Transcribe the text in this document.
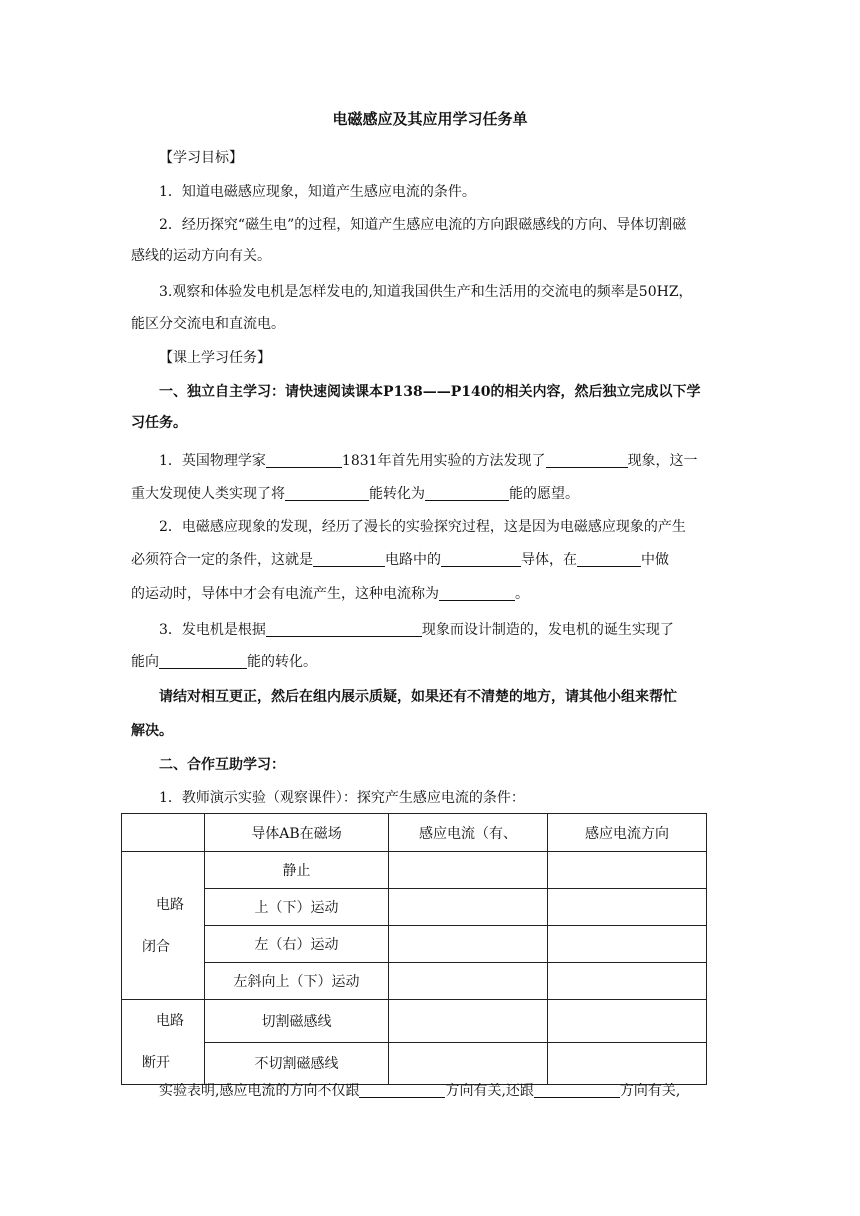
电磁感应及其应用学习任务单
【学习目标】
1．知道电磁感应现象，知道产生感应电流的条件。
2．经历探究“磁生电”的过程，知道产生感应电流的方向跟磁感线的方向、导体切割磁
感线的运动方向有关。
3.观察和体验发电机是怎样发电的,知道我国供生产和生活用的交流电的频率是50HZ，
能区分交流电和直流电。
【课上学习任务】
一、独立自主学习：请快速阅读课本P138——P140的相关内容，然后独立完成以下学
习任务。
1．英国物理学家	1831年首先用实验的方法发现了	现象，这一
重大发现使人类实现了将	能转化为	能的愿望。
2．电磁感应现象的发现，经历了漫长的实验探究过程，这是因为电磁感应现象的产生
必须符合一定的条件，这就是	电路中的	导体，在	中做
的运动时，导体中才会有电流产生，这种电流称为	。
3．发电机是根据	现象而设计制造的，发电机的诞生实现了
能向	能的转化。
请结对相互更正，然后在组内展示质疑，如果还有不清楚的地方，请其他小组来帮忙
解决。
二、合作互助学习：
1．教师演示实验（观察课件）：探究产生感应电流的条件：
	导体AB在磁场	感应电流（有、	感应电流方向

电路
闭合	静止		
	上（下）运动		
	左（右）运动		
	左斜向上（下）运动		

电路
断开	切割磁感线		
	不切割磁感线		
实验表明,感应电流的方向不仅跟	方向有关,还跟	方向有关,
